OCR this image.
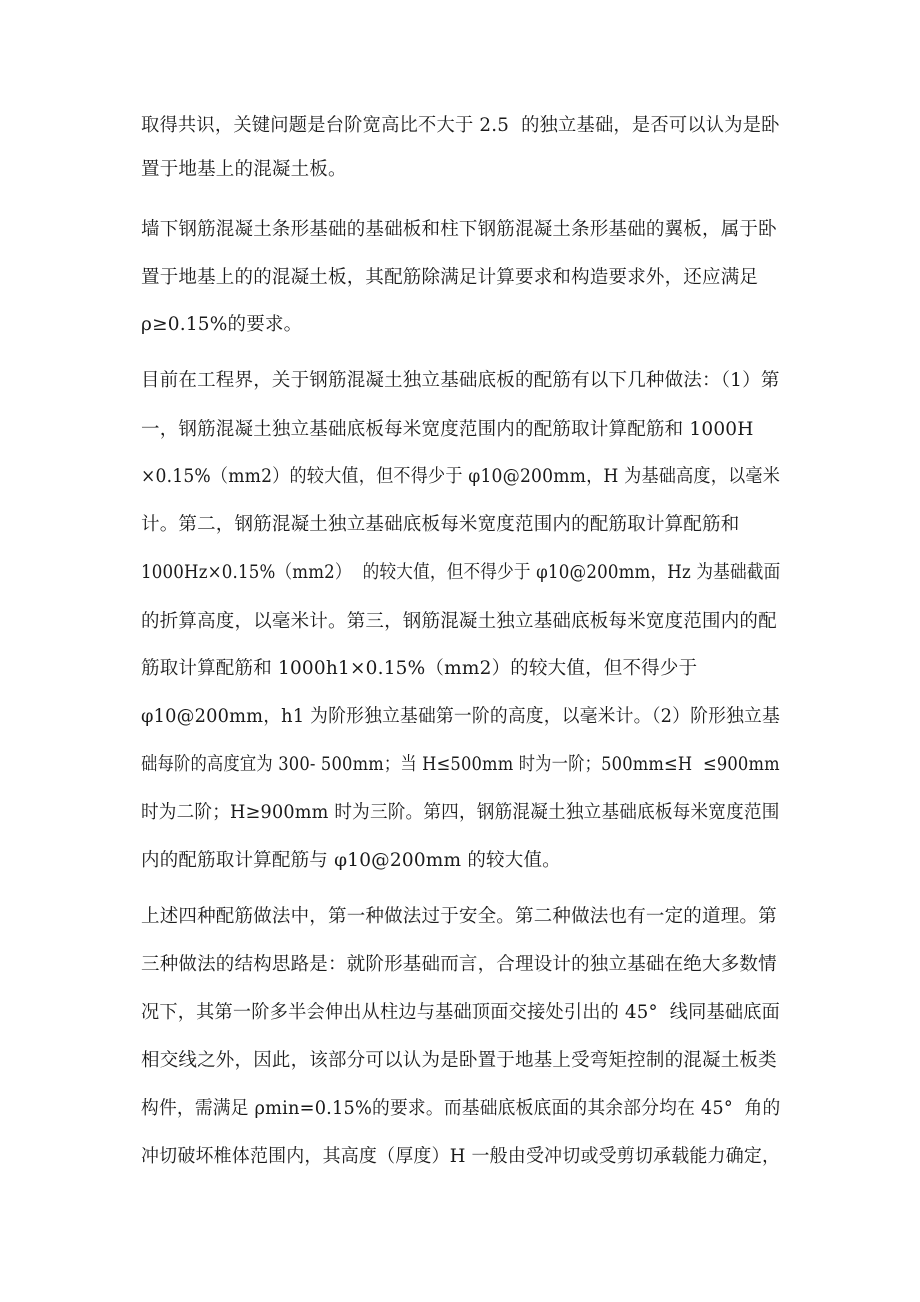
取得共识，关键问题是台阶宽高比不大于 2.5  的独立基础，是否可以认为是卧
置于地基上的混凝土板。
墙下钢筋混凝土条形基础的基础板和柱下钢筋混凝土条形基础的翼板，属于卧
置于地基上的的混凝土板，其配筋除满足计算要求和构造要求外，还应满足
ρ≥0.15%的要求。
目前在工程界，关于钢筋混凝土独立基础底板的配筋有以下几种做法：（1）第
一，钢筋混凝土独立基础底板每米宽度范围内的配筋取计算配筋和 1000H
×0.15%（mm2）的较大值，但不得少于 φ10@200mm，H 为基础高度，以毫米
计。第二，钢筋混凝土独立基础底板每米宽度范围内的配筋取计算配筋和
1000Hz×0.15%（mm2）  的较大值，但不得少于 φ10@200mm，Hz 为基础截面
的折算高度，以毫米计。第三，钢筋混凝土独立基础底板每米宽度范围内的配
筋取计算配筋和 1000h1×0.15%（mm2）的较大值，但不得少于
φ10@200mm，h1 为阶形独立基础第一阶的高度，以毫米计。（2）阶形独立基
础每阶的高度宜为 300- 500mm；当 H≤500mm 时为一阶；500mm≤H  ≤900mm
时为二阶；H≥900mm 时为三阶。第四，钢筋混凝土独立基础底板每米宽度范围
内的配筋取计算配筋与 φ10@200mm 的较大值。
上述四种配筋做法中，第一种做法过于安全。第二种做法也有一定的道理。第
三种做法的结构思路是：就阶形基础而言，合理设计的独立基础在绝大多数情
况下，其第一阶多半会伸出从柱边与基础顶面交接处引出的 45°  线同基础底面
相交线之外，因此，该部分可以认为是卧置于地基上受弯矩控制的混凝土板类
构件，需满足 ρmin=0.15%的要求。而基础底板底面的其余部分均在 45°  角的
冲切破坏椎体范围内，其高度（厚度）H 一般由受冲切或受剪切承载能力确定，
